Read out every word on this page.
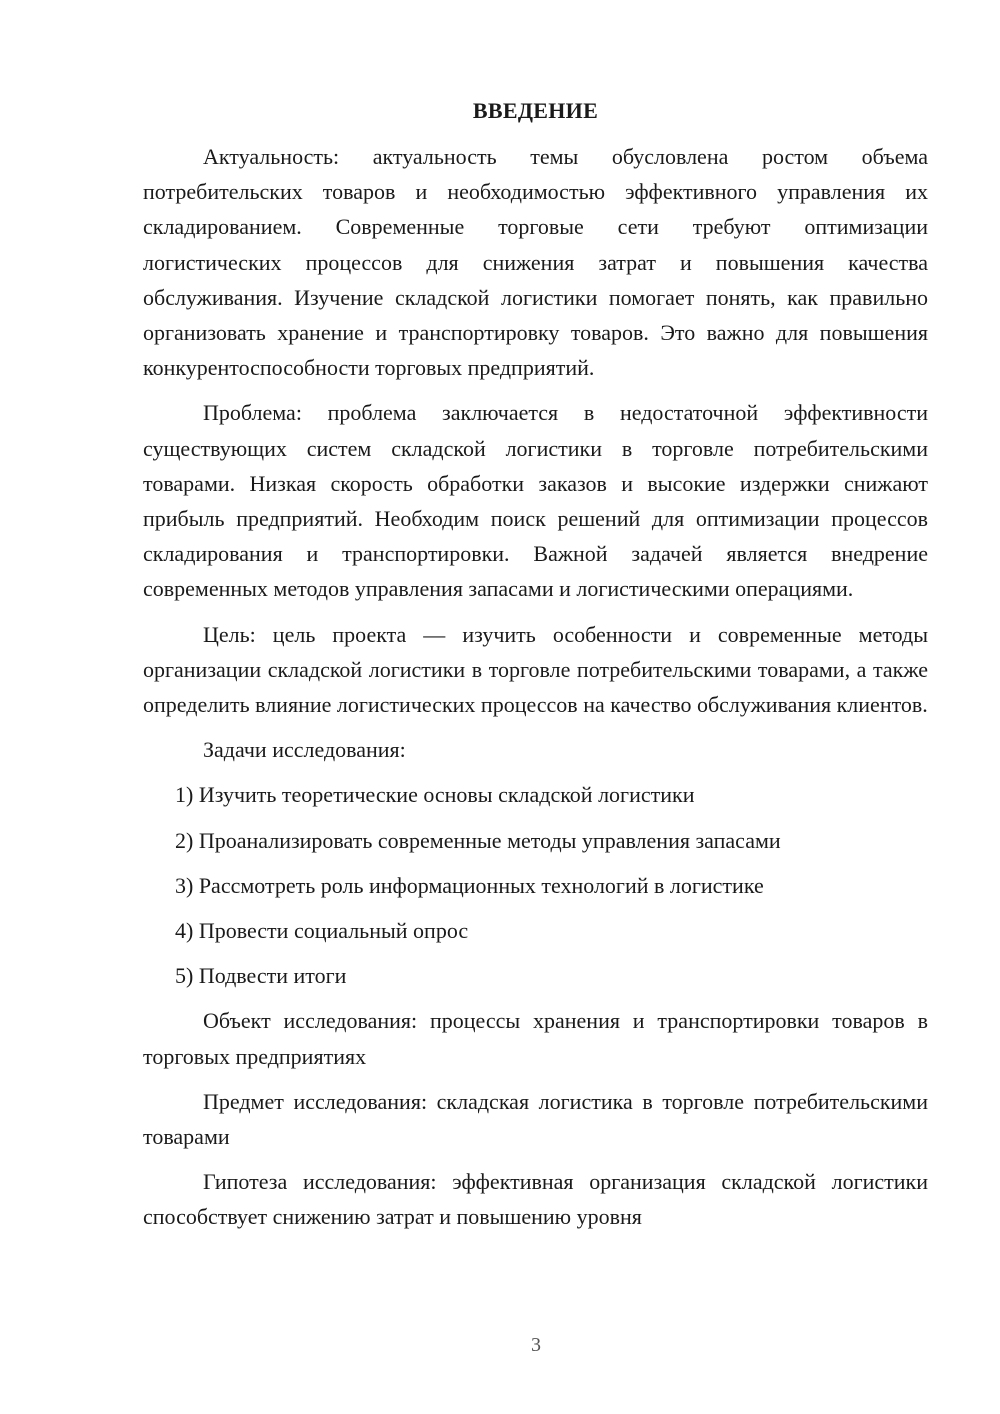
ВВЕДЕНИЕ

Актуальность: актуальность темы обусловлена ростом объема потребительских товаров и необходимостью эффективного управления их складированием. Современные торговые сети требуют оптимизации логистических процессов для снижения затрат и повышения качества обслуживания. Изучение складской логистики помогает понять, как правильно организовать хранение и транспортировку товаров. Это важно для повышения конкурентоспособности торговых предприятий.

Проблема: проблема заключается в недостаточной эффективности существующих систем складской логистики в торговле потребительскими товарами. Низкая скорость обработки заказов и высокие издержки снижают прибыль предприятий. Необходим поиск решений для оптимизации процессов складирования и транспортировки. Важной задачей является внедрение современных методов управления запасами и логистическими операциями.

Цель: цель проекта — изучить особенности и современные методы организации складской логистики в торговле потребительскими товарами, а также определить влияние логистических процессов на качество обслуживания клиентов.

Задачи исследования:

1) Изучить теоретические основы складской логистики
2) Проанализировать современные методы управления запасами
3) Рассмотреть роль информационных технологий в логистике
4) Провести социальный опрос
5) Подвести итоги

Объект исследования: процессы хранения и транспортировки товаров в торговых предприятиях

Предмет исследования: складская логистика в торговле потребительскими товарами

Гипотеза исследования: эффективная организация складской логистики способствует снижению затрат и повышению уровня

3
